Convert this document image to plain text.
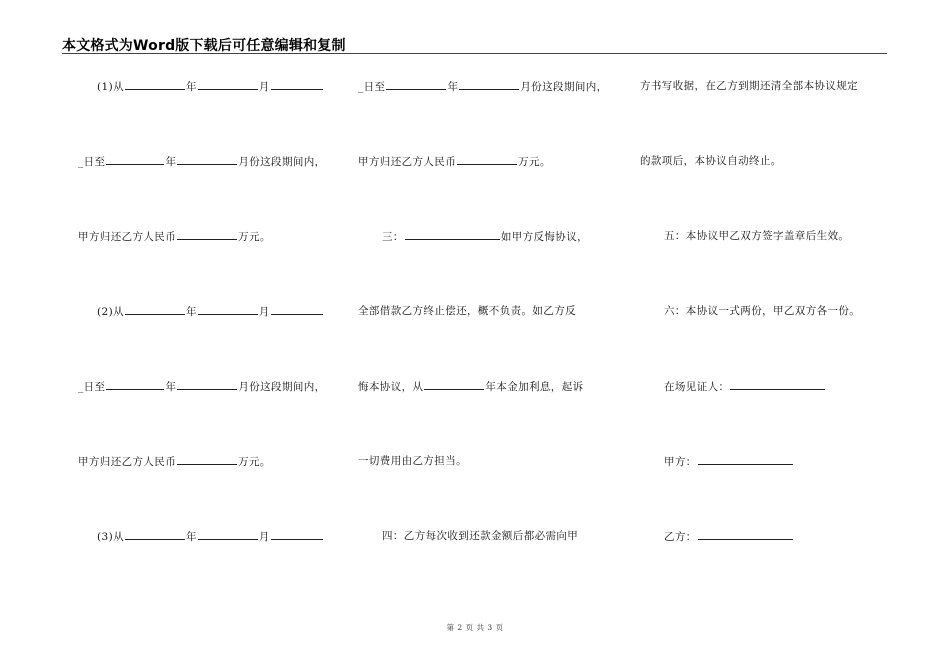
本文格式为Word版下载后可任意编辑和复制
(1)从	年	月
_日至	年	月份这段期间内，
甲方归还乙方人民币	万元。
(2)从	年	月
_日至	年	月份这段期间内，
甲方归还乙方人民币	万元。
(3)从	年	月
_日至	年	月份这段期间内，
甲方归还乙方人民币	万元。
三：	如甲方反悔协议，
全部借款乙方终止偿还，概不负责。如乙方反
悔本协议，从	年本金加利息，起诉
一切费用由乙方担当。
四：乙方每次收到还款金额后都必需向甲
方书写收据，在乙方到期还清全部本协议规定
的款项后，本协议自动终止。
五：本协议甲乙双方签字盖章后生效。
六：本协议一式两份，甲乙双方各一份。
在场见证人：
甲方：
乙方：
第 2 页 共 3 页
